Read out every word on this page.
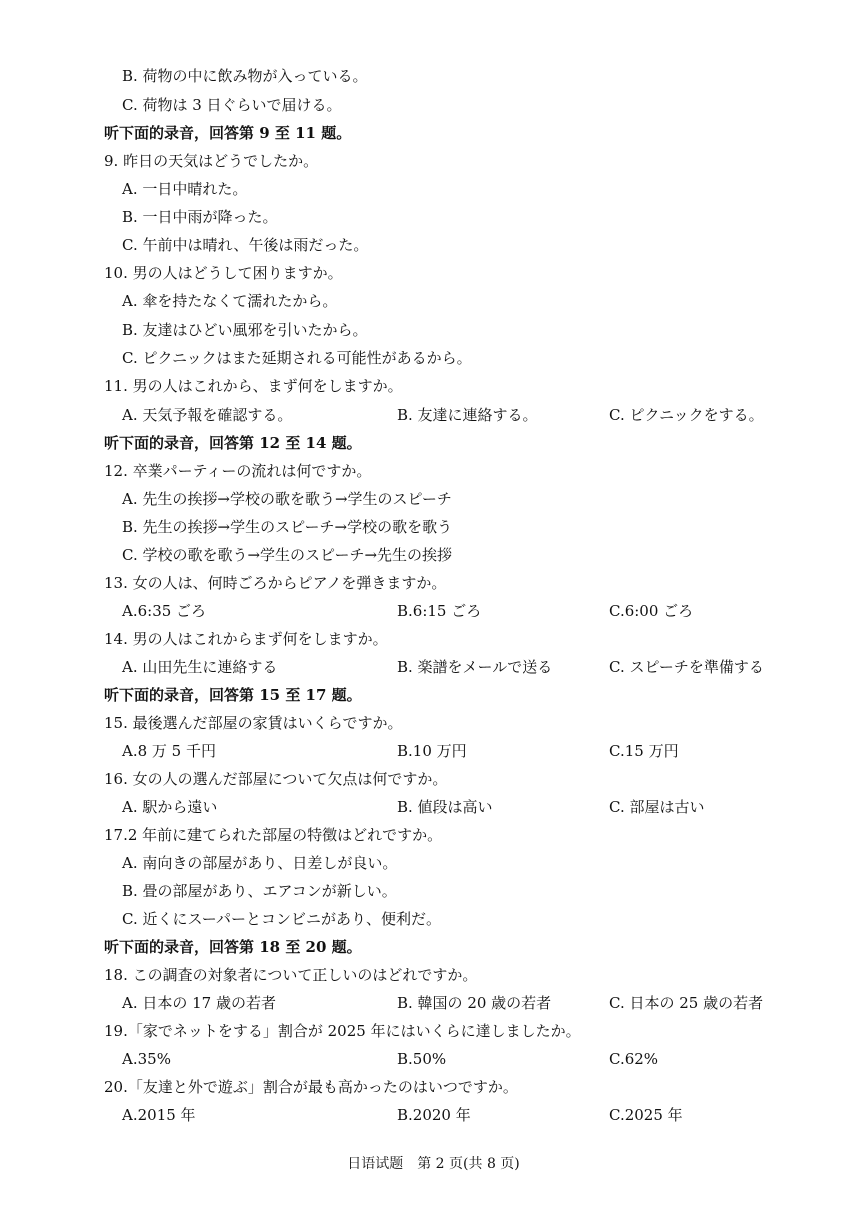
B. 荷物の中に飲み物が入っている。
C. 荷物は 3 日ぐらいで届ける。
听下面的录音，回答第 9 至 11 题。
9. 昨日の天気はどうでしたか。
A. 一日中晴れた。
B. 一日中雨が降った。
C. 午前中は晴れ、午後は雨だった。
10. 男の人はどうして困りますか。
A. 傘を持たなくて濡れたから。
B. 友達はひどい風邪を引いたから。
C. ピクニックはまた延期される可能性があるから。
11. 男の人はこれから、まず何をしますか。
A. 天気予報を確認する。	B. 友達に連絡する。	C. ピクニックをする。
听下面的录音，回答第 12 至 14 题。
12. 卒業パーティーの流れは何ですか。
A. 先生の挨拶→学校の歌を歌う→学生のスピーチ
B. 先生の挨拶→学生のスピーチ→学校の歌を歌う
C. 学校の歌を歌う→学生のスピーチ→先生の挨拶
13. 女の人は、何時ごろからピアノを弾きますか。
A.6:35 ごろ	B.6:15 ごろ	C.6:00 ごろ
14. 男の人はこれからまず何をしますか。
A. 山田先生に連絡する	B. 楽譜をメールで送る	C. スピーチを準備する
听下面的录音，回答第 15 至 17 题。
15. 最後選んだ部屋の家賃はいくらですか。
A.8 万 5 千円	B.10 万円	C.15 万円
16. 女の人の選んだ部屋について欠点は何ですか。
A. 駅から遠い	B. 値段は高い	C. 部屋は古い
17.2 年前に建てられた部屋の特徴はどれですか。
A. 南向きの部屋があり、日差しが良い。
B. 畳の部屋があり、エアコンが新しい。
C. 近くにスーパーとコンビニがあり、便利だ。
听下面的录音，回答第 18 至 20 题。
18. この調査の対象者について正しいのはどれですか。
A. 日本の 17 歳の若者	B. 韓国の 20 歳の若者	C. 日本の 25 歳の若者
19.「家でネットをする」割合が 2025 年にはいくらに達しましたか。
A.35%	B.50%	C.62%
20.「友達と外で遊ぶ」割合が最も高かったのはいつですか。
A.2015 年	B.2020 年	C.2025 年
日语试题　第 2 页(共 8 页)
